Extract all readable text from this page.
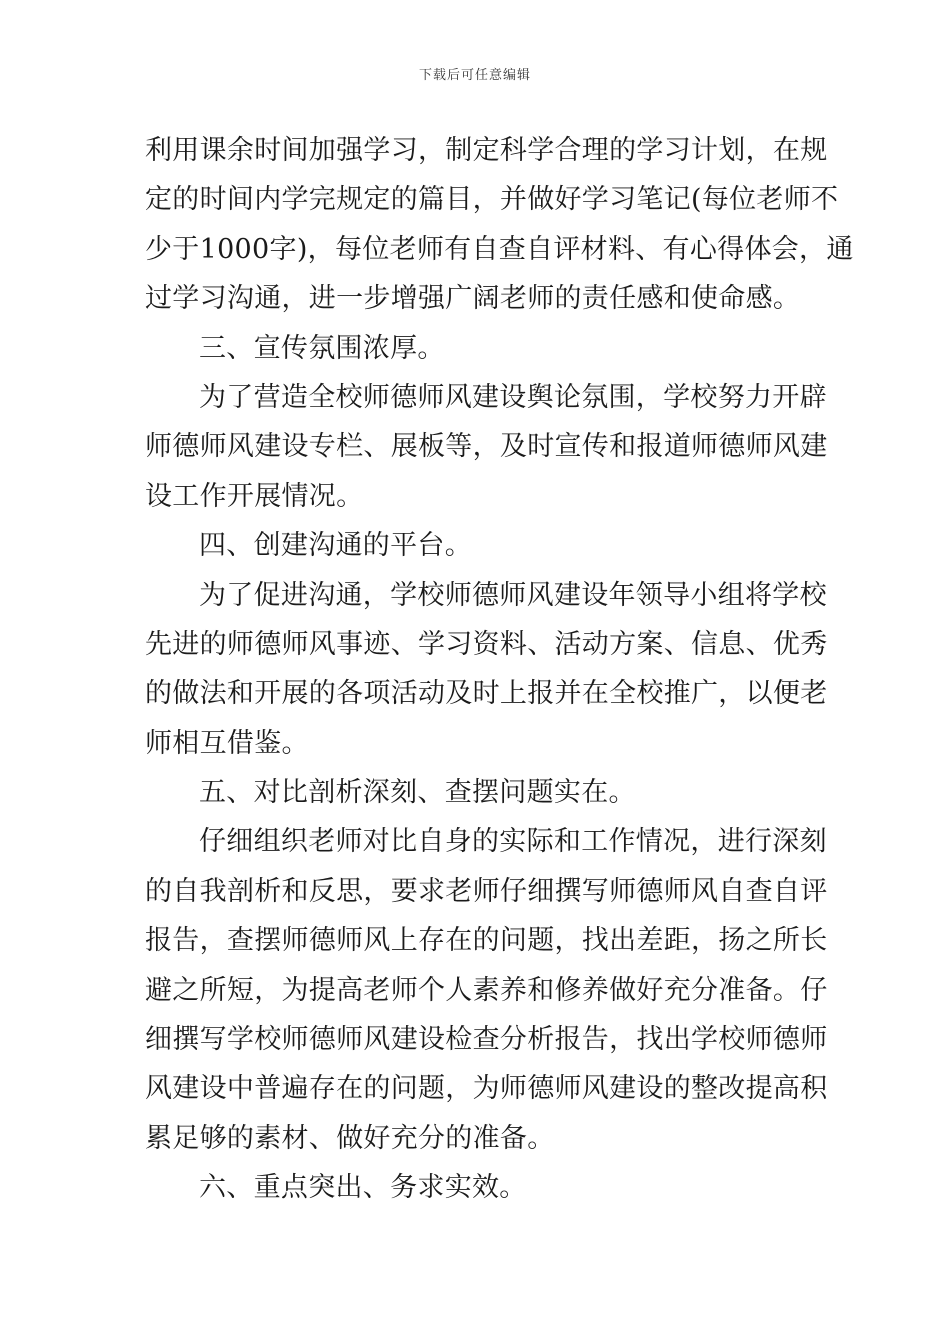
下载后可任意编辑
利用课余时间加强学习，制定科学合理的学习计划，在规
定的时间内学完规定的篇目，并做好学习笔记(每位老师不
少于1000字)，每位老师有自查自评材料、有心得体会，通
过学习沟通，进一步增强广阔老师的责任感和使命感。
三、宣传氛围浓厚。
为了营造全校师德师风建设舆论氛围，学校努力开辟
师德师风建设专栏、展板等，及时宣传和报道师德师风建
设工作开展情况。
四、创建沟通的平台。
为了促进沟通，学校师德师风建设年领导小组将学校
先进的师德师风事迹、学习资料、活动方案、信息、优秀
的做法和开展的各项活动及时上报并在全校推广，以便老
师相互借鉴。
五、对比剖析深刻、查摆问题实在。
仔细组织老师对比自身的实际和工作情况，进行深刻
的自我剖析和反思，要求老师仔细撰写师德师风自查自评
报告，查摆师德师风上存在的问题，找出差距，扬之所长
避之所短，为提高老师个人素养和修养做好充分准备。仔
细撰写学校师德师风建设检查分析报告，找出学校师德师
风建设中普遍存在的问题，为师德师风建设的整改提高积
累足够的素材、做好充分的准备。
六、重点突出、务求实效。
